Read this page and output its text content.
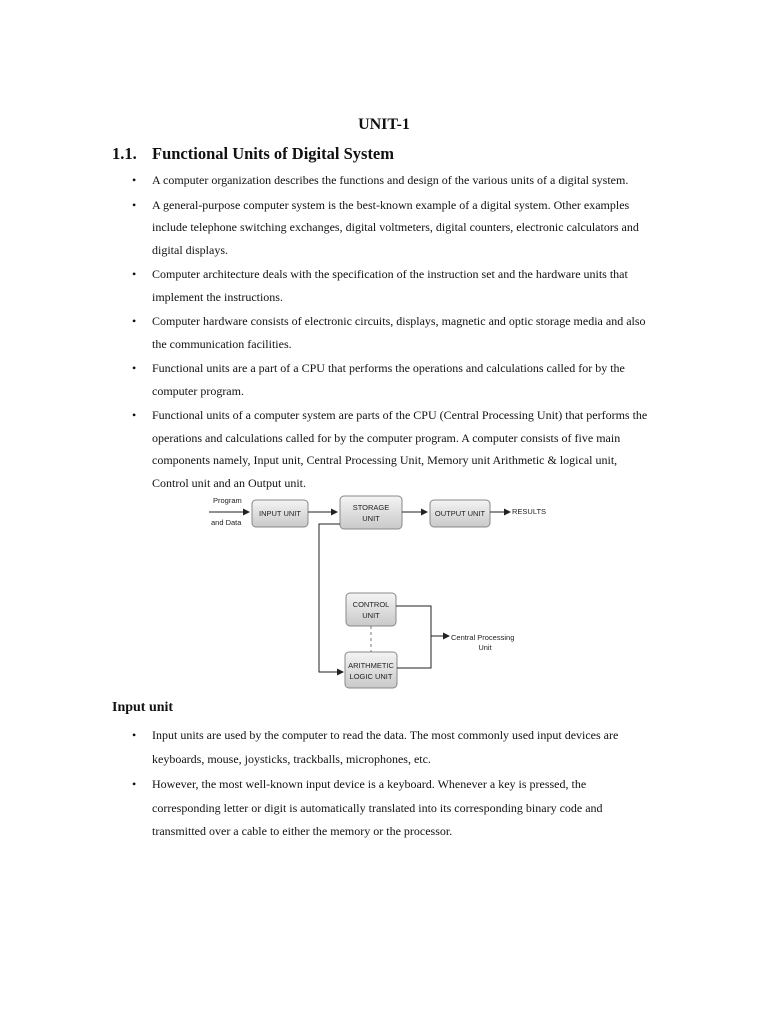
UNIT-1
1.1. Functional Units of Digital System
• A computer organization describes the functions and design of the various units of a digital system.
• A general-purpose computer system is the best-known example of a digital system. Other examples include telephone switching exchanges, digital voltmeters, digital counters, electronic calculators and digital displays.
• Computer architecture deals with the specification of the instruction set and the hardware units that implement the instructions.
• Computer hardware consists of electronic circuits, displays, magnetic and optic storage media and also the communication facilities.
• Functional units are a part of a CPU that performs the operations and calculations called for by the computer program.
• Functional units of a computer system are parts of the CPU (Central Processing Unit) that performs the operations and calculations called for by the computer program. A computer consists of five main components namely, Input unit, Central Processing Unit, Memory unit Arithmetic & logical unit, Control unit and an Output unit.
Program
and Data
INPUT UNIT
STORAGE
UNIT
OUTPUT UNIT	RESULTS
CONTROL
UNIT
ARITHMETIC
LOGIC UNIT
Central Processing
Unit
Input unit
• Input units are used by the computer to read the data. The most commonly used input devices are keyboards, mouse, joysticks, trackballs, microphones, etc.
• However, the most well-known input device is a keyboard. Whenever a key is pressed, the corresponding letter or digit is automatically translated into its corresponding binary code and transmitted over a cable to either the memory or the processor.
